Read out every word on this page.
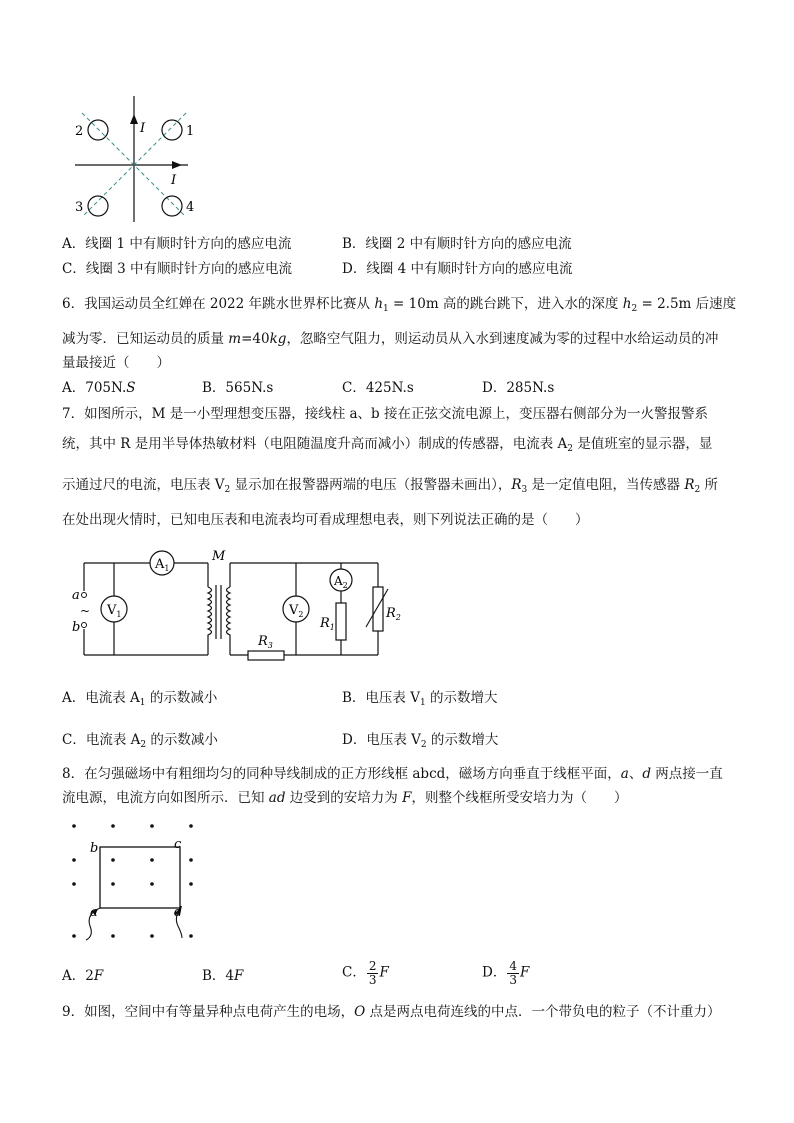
2	1
3	4
I
I
A．线圈 1 中有顺时针方向的感应电流	B．线圈 2 中有顺时针方向的感应电流
C．线圈 3 中有顺时针方向的感应电流	D．线圈 4 中有顺时针方向的感应电流
6．我国运动员全红婵在 2022 年跳水世界杯比赛从 $h_1 = 10m$ 高的跳台跳下，进入水的深度 $h_2 = 2.5m$ 后速度
减为零．已知运动员的质量 m=40kg，忽略空气阻力，则运动员从入水到速度减为零的过程中水给运动员的冲
量最接近（　　）
A．705N.S	B．565N.s	C．425N.s	D．285N.s
7．如图所示，M 是一小型理想变压器，接线柱 a、b 接在正弦交流电源上，变压器右侧部分为一火警报警系
统，其中 R 是用半导体热敏材料（电阻随温度升高而减小）制成的传感器，电流表 $A_2$ 是值班室的显示器，显
示通过尺的电流，电压表 $V_2$ 显示加在报警器两端的电压（报警器未画出），$R_3$ 是一定值电阻，当传感器 $R_2$ 所
在处出现火情时，已知电压表和电流表均可看成理想电表，则下列说法正确的是（　　）
$A_1$
$V_1$	$V_2$
$A_2$
a
b
~
M
$R_1$
$R_2$
$R_3$
A．电流表 $A_1$ 的示数减小	B．电压表 $V_1$ 的示数增大
C．电流表 $A_2$ 的示数减小	D．电压表 $V_2$ 的示数增大
8．在匀强磁场中有粗细均匀的同种导线制成的正方形线框 abcd，磁场方向垂直于线框平面，a、d 两点接一直
流电源，电流方向如图所示．已知 ad 边受到的安培力为 F，则整个线框所受安培力为（　　）
b	c
a	d
A．2F	B．4F	C． $\frac{2}{3}$ F	D． $\frac{4}{3}$ F
9．如图，空间中有等量异种点电荷产生的电场，O 点是两点电荷连线的中点．一个带负电的粒子（不计重力）
